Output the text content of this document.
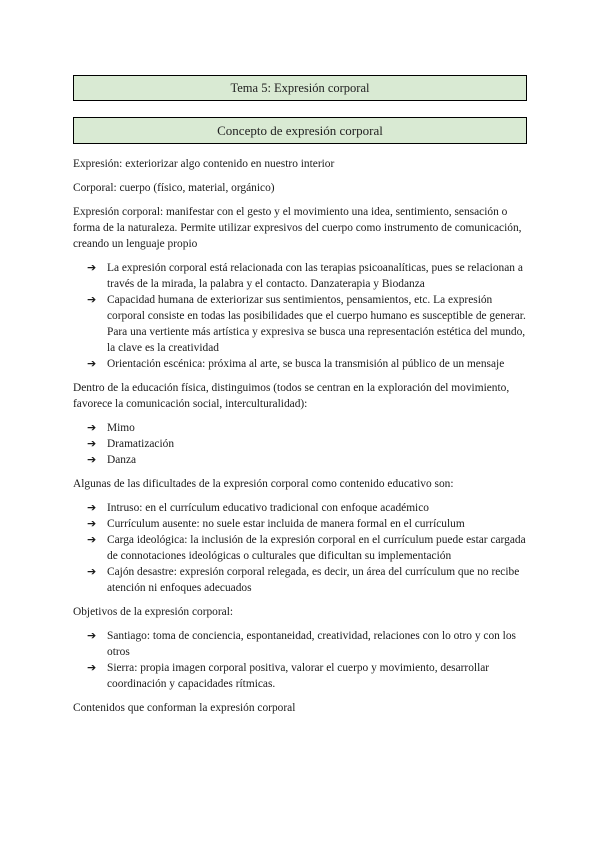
Tema 5: Expresión corporal
Concepto de expresión corporal

Expresión: exteriorizar algo contenido en nuestro interior

Corporal: cuerpo (físico, material, orgánico)

Expresión corporal: manifestar con el gesto y el movimiento una idea, sentimiento, sensación o forma de la naturaleza. Permite utilizar expresivos del cuerpo como instrumento de comunicación, creando un lenguaje propio

➔ La expresión corporal está relacionada con las terapias psicoanalíticas, pues se relacionan a través de la mirada, la palabra y el contacto. Danzaterapia y Biodanza
➔ Capacidad humana de exteriorizar sus sentimientos, pensamientos, etc. La expresión corporal consiste en todas las posibilidades que el cuerpo humano es susceptible de generar. Para una vertiente más artística y expresiva se busca una representación estética del mundo, la clave es la creatividad
➔ Orientación escénica: próxima al arte, se busca la transmisión al público de un mensaje

Dentro de la educación física, distinguimos (todos se centran en la exploración del movimiento, favorece la comunicación social, interculturalidad):

➔ Mimo
➔ Dramatización
➔ Danza

Algunas de las dificultades de la expresión corporal como contenido educativo son:

➔ Intruso: en el currículum educativo tradicional con enfoque académico
➔ Currículum ausente: no suele estar incluida de manera formal en el currículum
➔ Carga ideológica: la inclusión de la expresión corporal en el currículum puede estar cargada de connotaciones ideológicas o culturales que dificultan su implementación
➔ Cajón desastre: expresión corporal relegada, es decir, un área del currículum que no recibe atención ni enfoques adecuados

Objetivos de la expresión corporal:

➔ Santiago: toma de conciencia, espontaneidad, creatividad, relaciones con lo otro y con los otros
➔ Sierra: propia imagen corporal positiva, valorar el cuerpo y movimiento, desarrollar coordinación y capacidades rítmicas.

Contenidos que conforman la expresión corporal
